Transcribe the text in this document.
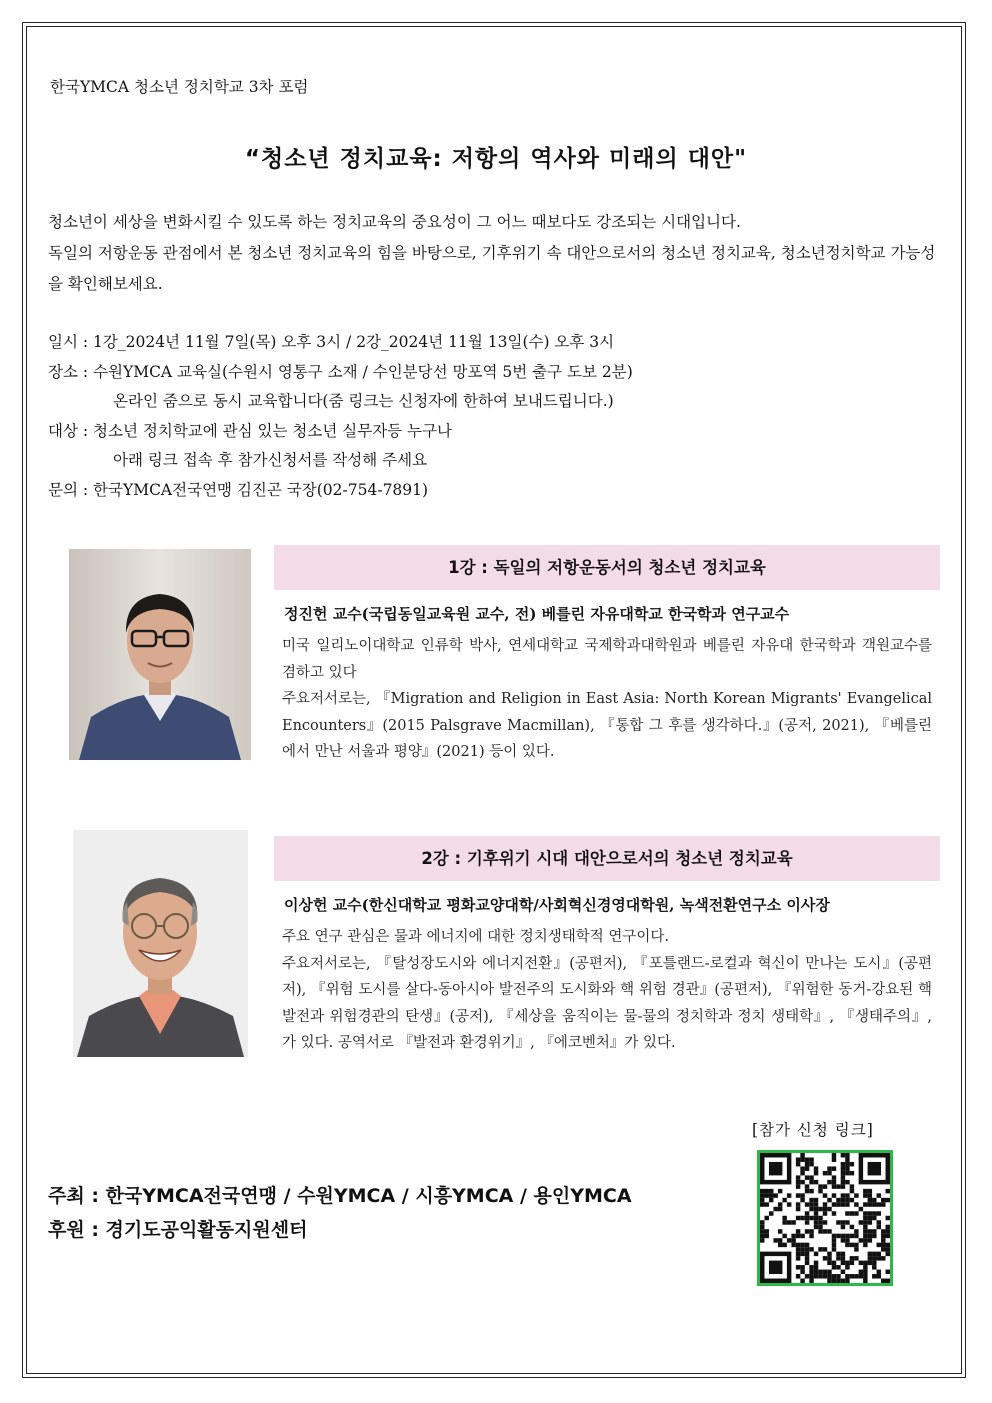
한국YMCA 청소년 정치학교 3차 포럼
“청소년 정치교육: 저항의 역사와 미래의 대안"

청소년이 세상을 변화시킬 수 있도록 하는 정치교육의 중요성이 그 어느 때보다도 강조되는 시대입니다.

독일의 저항운동 관점에서 본 청소년 정치교육의 힘을 바탕으로, 기후위기 속 대안으로서의 청소년 정치교육, 청소년정치학교 가능성을 확인해보세요.

일시 : 1강_2024년 11월 7일(목) 오후 3시 / 2강_2024년 11월 13일(수) 오후 3시
장소 : 수원YMCA 교육실(수원시 영통구 소재 / 수인분당선 망포역 5번 출구 도보 2분)
온라인 줌으로 동시 교육합니다(줌 링크는 신청자에 한하여 보내드립니다.)
대상 : 청소년 정치학교에 관심 있는 청소년 실무자등 누구나
아래 링크 접속 후 참가신청서를 작성해 주세요
문의 : 한국YMCA전국연맹 김진곤 국장(02-754-7891)
1강 : 독일의 저항운동서의 청소년 정치교육
정진헌 교수(국립동일교육원 교수, 전) 베를린 자유대학교 한국학과 연구교수

미국 일리노이대학교 인류학 박사, 연세대학교 국제학과대학원과 베를린 자유대 한국학과 객원교수를 겸하고 있다

주요저서로는, 『Migration and Religion in East Asia: North Korean Migrants' Evangelical Encounters』(2015 Palsgrave Macmillan), 『통합 그 후를 생각하다.』(공저, 2021), 『베를린에서 만난 서울과 평양』(2021) 등이 있다.

2강 : 기후위기 시대 대안으로서의 청소년 정치교육
이상헌 교수(한신대학교 평화교양대학/사회혁신경영대학원, 녹색전환연구소 이사장

주요 연구 관심은 물과 에너지에 대한 정치생태학적 연구이다.

주요저서로는, 『탈성장도시와 에너지전환』(공편저), 『포틀랜드-로컬과 혁신이 만나는 도시』(공편저), 『위험 도시를 살다-동아시아 발전주의 도시화와 핵 위험 경관』(공편저), 『위험한 동거-강요된 핵발전과 위험경관의 탄생』(공저), 『세상을 움직이는 물-물의 정치학과 정치 생태학』, 『생태주의』, 가 있다. 공역서로 『발전과 환경위기』, 『에코벤처』가 있다.

[참가 신청 링크]
주최 : 한국YMCA전국연맹 / 수원YMCA / 시흥YMCA / 용인YMCA
후원 : 경기도공익활동지원센터
